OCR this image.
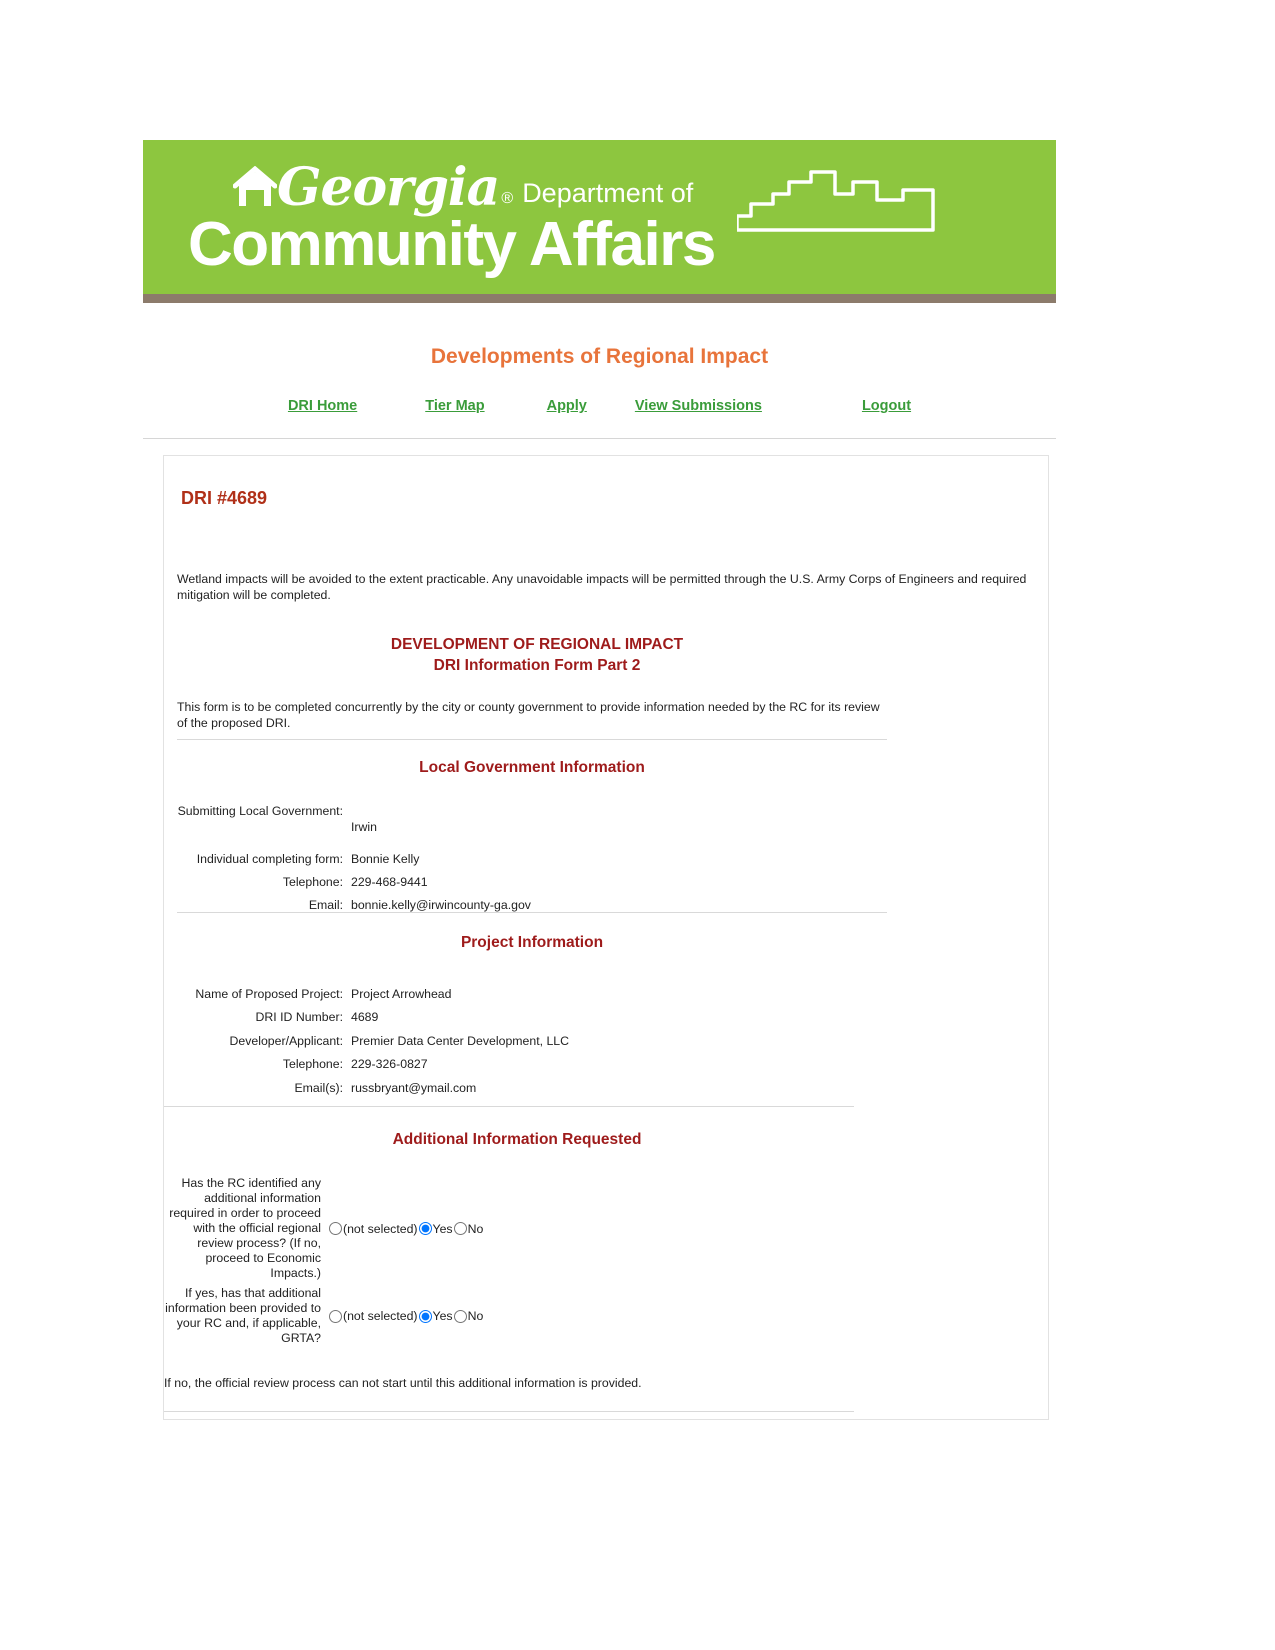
Georgia ® Department of
Community Affairs
Developments of Regional Impact
DRI Home	Tier Map	Apply	View Submissions	Logout
DRI #4689
Wetland impacts will be avoided to the extent practicable. Any unavoidable impacts will be permitted through the U.S. Army Corps of Engineers and required mitigation will be completed.
DEVELOPMENT OF REGIONAL IMPACT
DRI Information Form Part 2
This form is to be completed concurrently by the city or county government to provide information needed by the RC for its review of the proposed DRI.
Local Government Information
Submitting Local Government:
Irwin
Individual completing form: Bonnie Kelly
Telephone: 229-468-9441
Email: bonnie.kelly@irwincounty-ga.gov
Project Information
Name of Proposed Project: Project Arrowhead
DRI ID Number: 4689
Developer/Applicant: Premier Data Center Development, LLC
Telephone: 229-326-0827
Email(s): russbryant@ymail.com
Additional Information Requested
Has the RC identified any additional information required in order to proceed with the official regional review process? (If no, proceed to Economic Impacts.)
(not selected) Yes No
If yes, has that additional information been provided to your RC and, if applicable, GRTA?
(not selected) Yes No
If no, the official review process can not start until this additional information is provided.
